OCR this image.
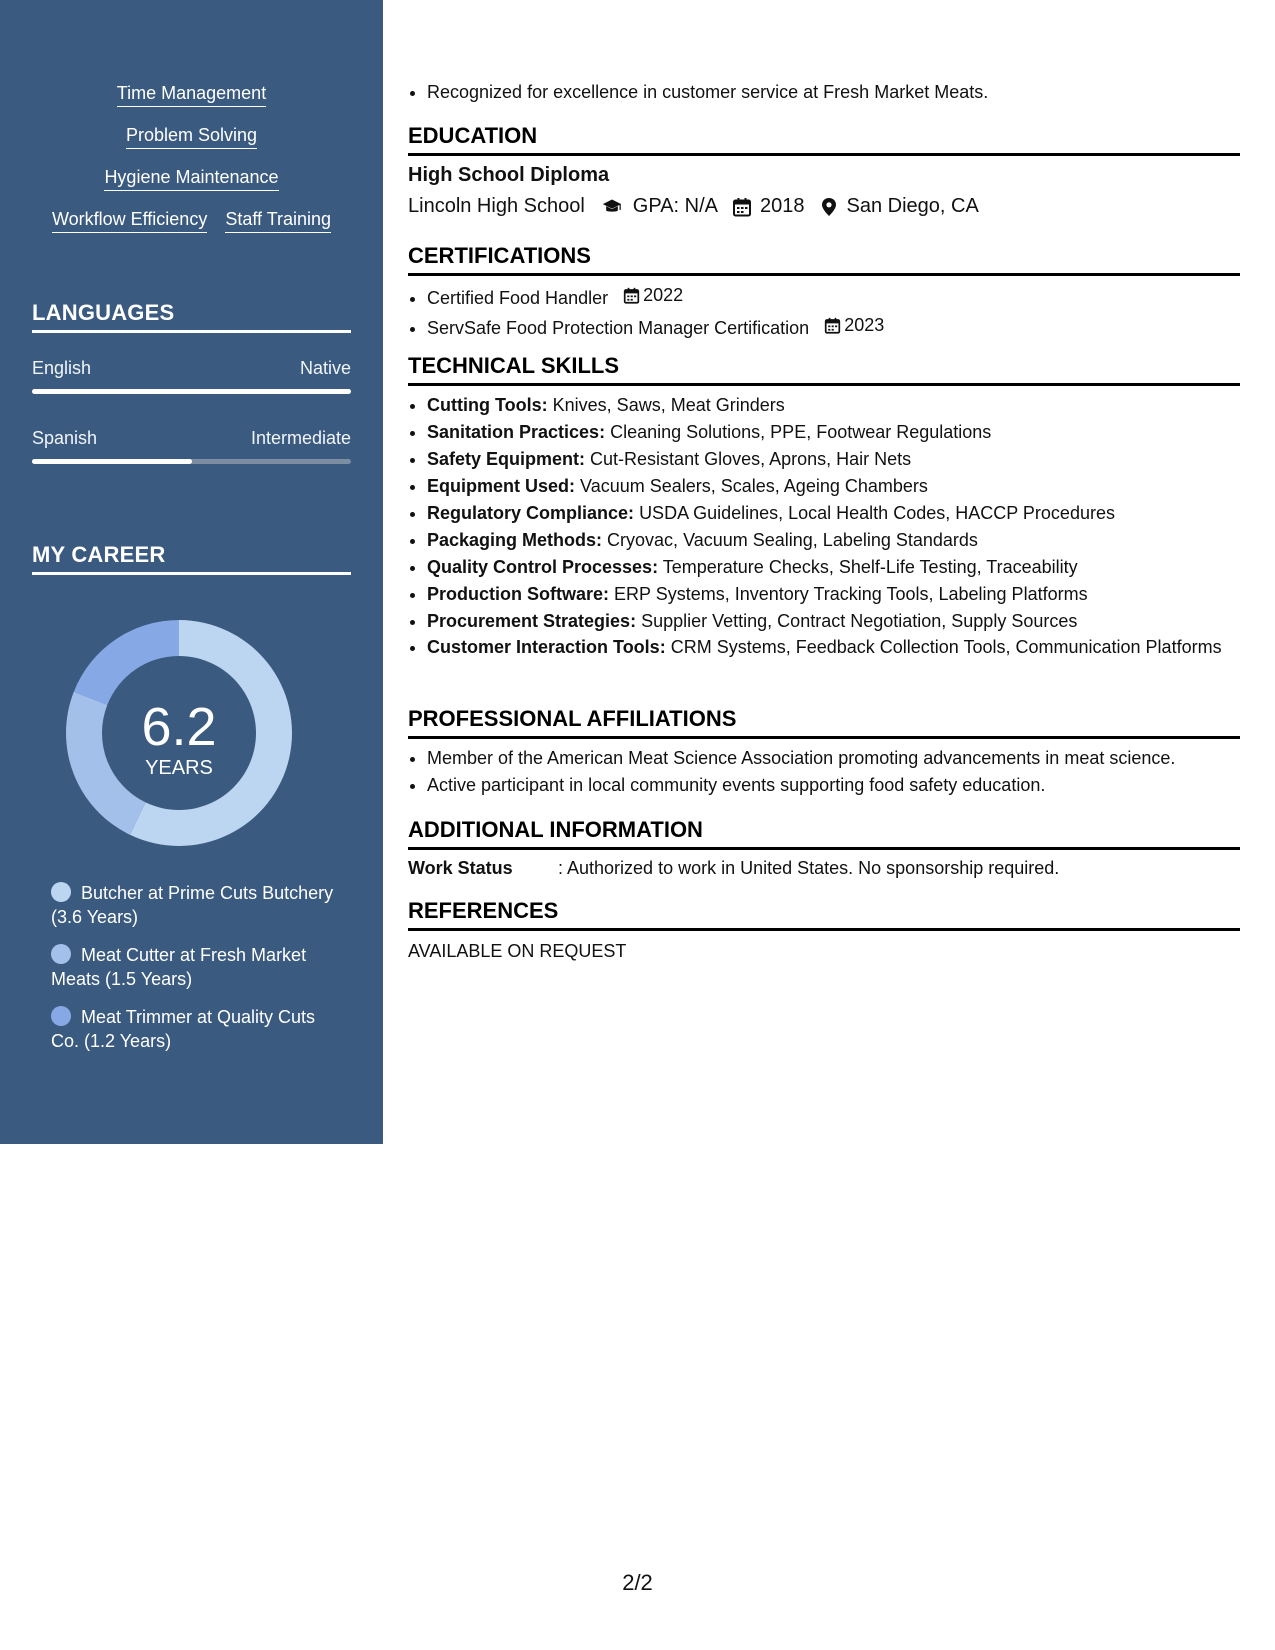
Time Management
Problem Solving
Hygiene Maintenance
Workflow Efficiency Staff Training
LANGUAGES
English	Native
Spanish	Intermediate
MY CAREER
6.2
YEARS
Butcher at Prime Cuts Butchery (3.6 Years)
Meat Cutter at Fresh Market Meats (1.5 Years)
Meat Trimmer at Quality Cuts Co. (1.2 Years)
• Recognized for excellence in customer service at Fresh Market Meats.
EDUCATION
High School Diploma
Lincoln High School GPA: N/A 2018 San Diego, CA
CERTIFICATIONS
• Certified Food Handler 2022
• ServSafe Food Protection Manager Certification 2023
TECHNICAL SKILLS
• Cutting Tools: Knives, Saws, Meat Grinders
• Sanitation Practices: Cleaning Solutions, PPE, Footwear Regulations
• Safety Equipment: Cut-Resistant Gloves, Aprons, Hair Nets
• Equipment Used: Vacuum Sealers, Scales, Ageing Chambers
• Regulatory Compliance: USDA Guidelines, Local Health Codes, HACCP Procedures
• Packaging Methods: Cryovac, Vacuum Sealing, Labeling Standards
• Quality Control Processes: Temperature Checks, Shelf-Life Testing, Traceability
• Production Software: ERP Systems, Inventory Tracking Tools, Labeling Platforms
• Procurement Strategies: Supplier Vetting, Contract Negotiation, Supply Sources
• Customer Interaction Tools: CRM Systems, Feedback Collection Tools, Communication Platforms
PROFESSIONAL AFFILIATIONS
• Member of the American Meat Science Association promoting advancements in meat science.
• Active participant in local community events supporting food safety education.
ADDITIONAL INFORMATION
Work Status	: Authorized to work in United States. No sponsorship required.
REFERENCES
AVAILABLE ON REQUEST
2/2
